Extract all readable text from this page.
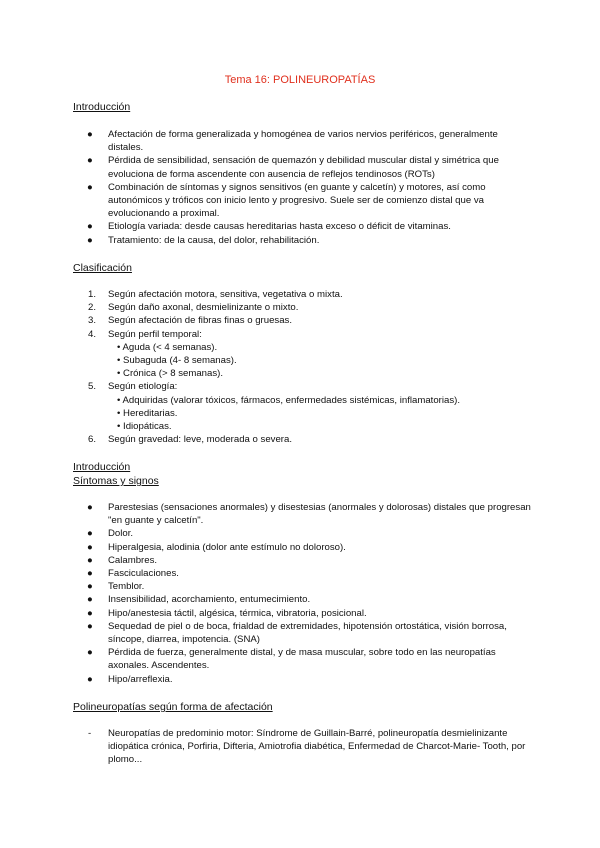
Tema 16: POLINEUROPATÍAS
Introducción
● Afectación de forma generalizada y homogénea de varios nervios periféricos, generalmente distales.
● Pérdida de sensibilidad, sensación de quemazón y debilidad muscular distal y simétrica que evoluciona de forma ascendente con ausencia de reflejos tendinosos (ROTs)
● Combinación de síntomas y signos sensitivos (en guante y calcetín) y motores, así como autonómicos y tróficos con inicio lento y progresivo. Suele ser de comienzo distal que va evolucionando a proximal.
● Etiología variada: desde causas hereditarias hasta exceso o déficit de vitaminas.
● Tratamiento: de la causa, del dolor, rehabilitación.
Clasificación
1. Según afectación motora, sensitiva, vegetativa o mixta.
2. Según daño axonal, desmielinizante o mixto.
3. Según afectación de fibras finas o gruesas.
4. Según perfil temporal:
• Aguda (< 4 semanas).
• Subaguda (4- 8 semanas).
• Crónica (> 8 semanas).
5. Según etiología:
• Adquiridas (valorar tóxicos, fármacos, enfermedades sistémicas, inflamatorias).
• Hereditarias.
• Idiopáticas.
6. Según gravedad: leve, moderada o severa.
Introducción
Síntomas y signos
● Parestesias (sensaciones anormales) y disestesias (anormales y dolorosas) distales que progresan "en guante y calcetín".
● Dolor.
● Hiperalgesia, alodinia (dolor ante estímulo no doloroso).
● Calambres.
● Fasciculaciones.
● Temblor.
● Insensibilidad, acorchamiento, entumecimiento.
● Hipo/anestesia táctil, algésica, térmica, vibratoria, posicional.
● Sequedad de piel o de boca, frialdad de extremidades, hipotensión ortostática, visión borrosa, síncope, diarrea, impotencia. (SNA)
● Pérdida de fuerza, generalmente distal, y de masa muscular, sobre todo en las neuropatías axonales. Ascendentes.
● Hipo/arreflexia.
Polineuropatías según forma de afectación
- Neuropatías de predominio motor: Síndrome de Guillain-Barré, polineuropatía desmielinizante idiopática crónica, Porfiria, Difteria, Amiotrofia diabética, Enfermedad de Charcot-Marie- Tooth, por plomo...
